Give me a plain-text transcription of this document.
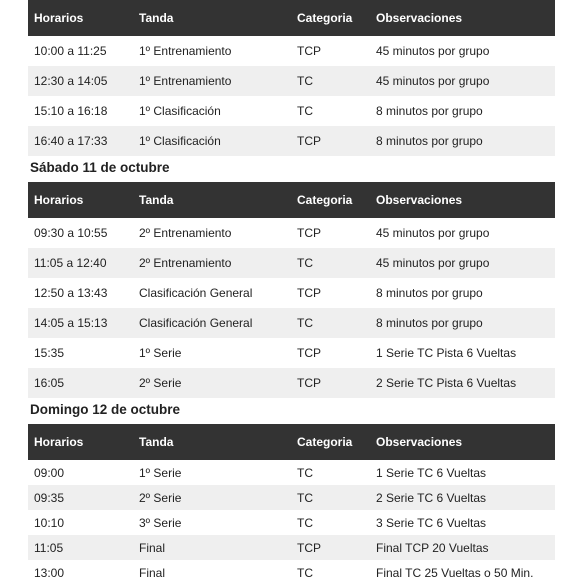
Horarios	Tanda	Categoria	Observaciones
10:00 a 11:25	1º Entrenamiento	TCP	45 minutos por grupo
12:30 a 14:05	1º Entrenamiento	TC	45 minutos por grupo
15:10 a 16:18	1º Clasificación	TC	8 minutos por grupo
16:40 a 17:33	1º Clasificación	TCP	8 minutos por grupo
Sábado 11 de octubre
Horarios	Tanda	Categoria	Observaciones
09:30 a 10:55	2º Entrenamiento	TCP	45 minutos por grupo
11:05 a 12:40	2º Entrenamiento	TC	45 minutos por grupo
12:50 a 13:43	Clasificación General	TCP	8 minutos por grupo
14:05 a 15:13	Clasificación General	TC	8 minutos por grupo
15:35	1º Serie	TCP	1 Serie TC Pista 6 Vueltas
16:05	2º Serie	TCP	2 Serie TC Pista 6 Vueltas
Domingo 12 de octubre
Horarios	Tanda	Categoria	Observaciones
09:00	1º Serie	TC	1 Serie TC 6 Vueltas
09:35	2º Serie	TC	2 Serie TC 6 Vueltas
10:10	3º Serie	TC	3 Serie TC 6 Vueltas
11:05	Final	TCP	Final TCP 20 Vueltas
13:00	Final	TC	Final TC 25 Vueltas o 50 Min.
